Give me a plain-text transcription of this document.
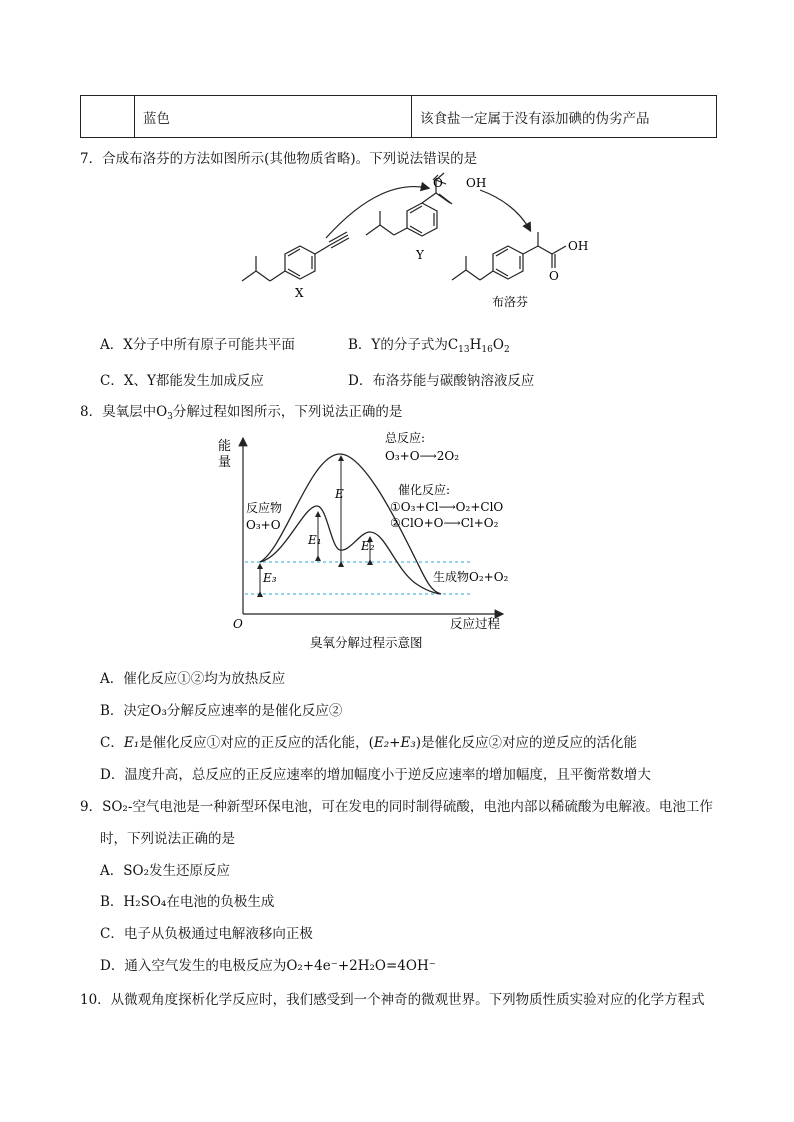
	蓝色	该食盐一定属于没有添加碘的伪劣产品
7．合成布洛芬的方法如图所示(其他物质省略)。下列说法错误的是
O OH
O
OH
X
Y
布洛芬
A．X分子中所有原子可能共平面	B．Y的分子式为$C_{13}H_{16}O_2$
C．X、Y都能发生加成反应	D．布洛芬能与碳酸钠溶液反应
8．臭氧层中$O_3$分解过程如图所示，下列说法正确的是
能
量
O	反应过程
总反应:
O₃+O⟶2O₂
催化反应:
①O₃+Cl⟶O₂+ClO
②ClO+O⟶Cl+O₂
反应物
O₃+O
生成物O₂+O₂
E
E₁	E₂
E₃
臭氧分解过程示意图
A．催化反应①②均为放热反应
B．决定O₃分解反应速率的是催化反应②
C．E₁是催化反应①对应的正反应的活化能，(E₂+E₃)是催化反应②对应的逆反应的活化能
D．温度升高，总反应的正反应速率的增加幅度小于逆反应速率的增加幅度，且平衡常数增大
9．SO₂-空气电池是一种新型环保电池，可在发电的同时制得硫酸，电池内部以稀硫酸为电解液。电池工作
时，下列说法正确的是
A．SO₂发生还原反应
B．H₂SO₄在电池的负极生成
C．电子从负极通过电解液移向正极
D．通入空气发生的电极反应为O₂+4e⁻+2H₂O=4OH⁻
10．从微观角度探析化学反应时，我们感受到一个神奇的微观世界。下列物质性质实验对应的化学方程式
